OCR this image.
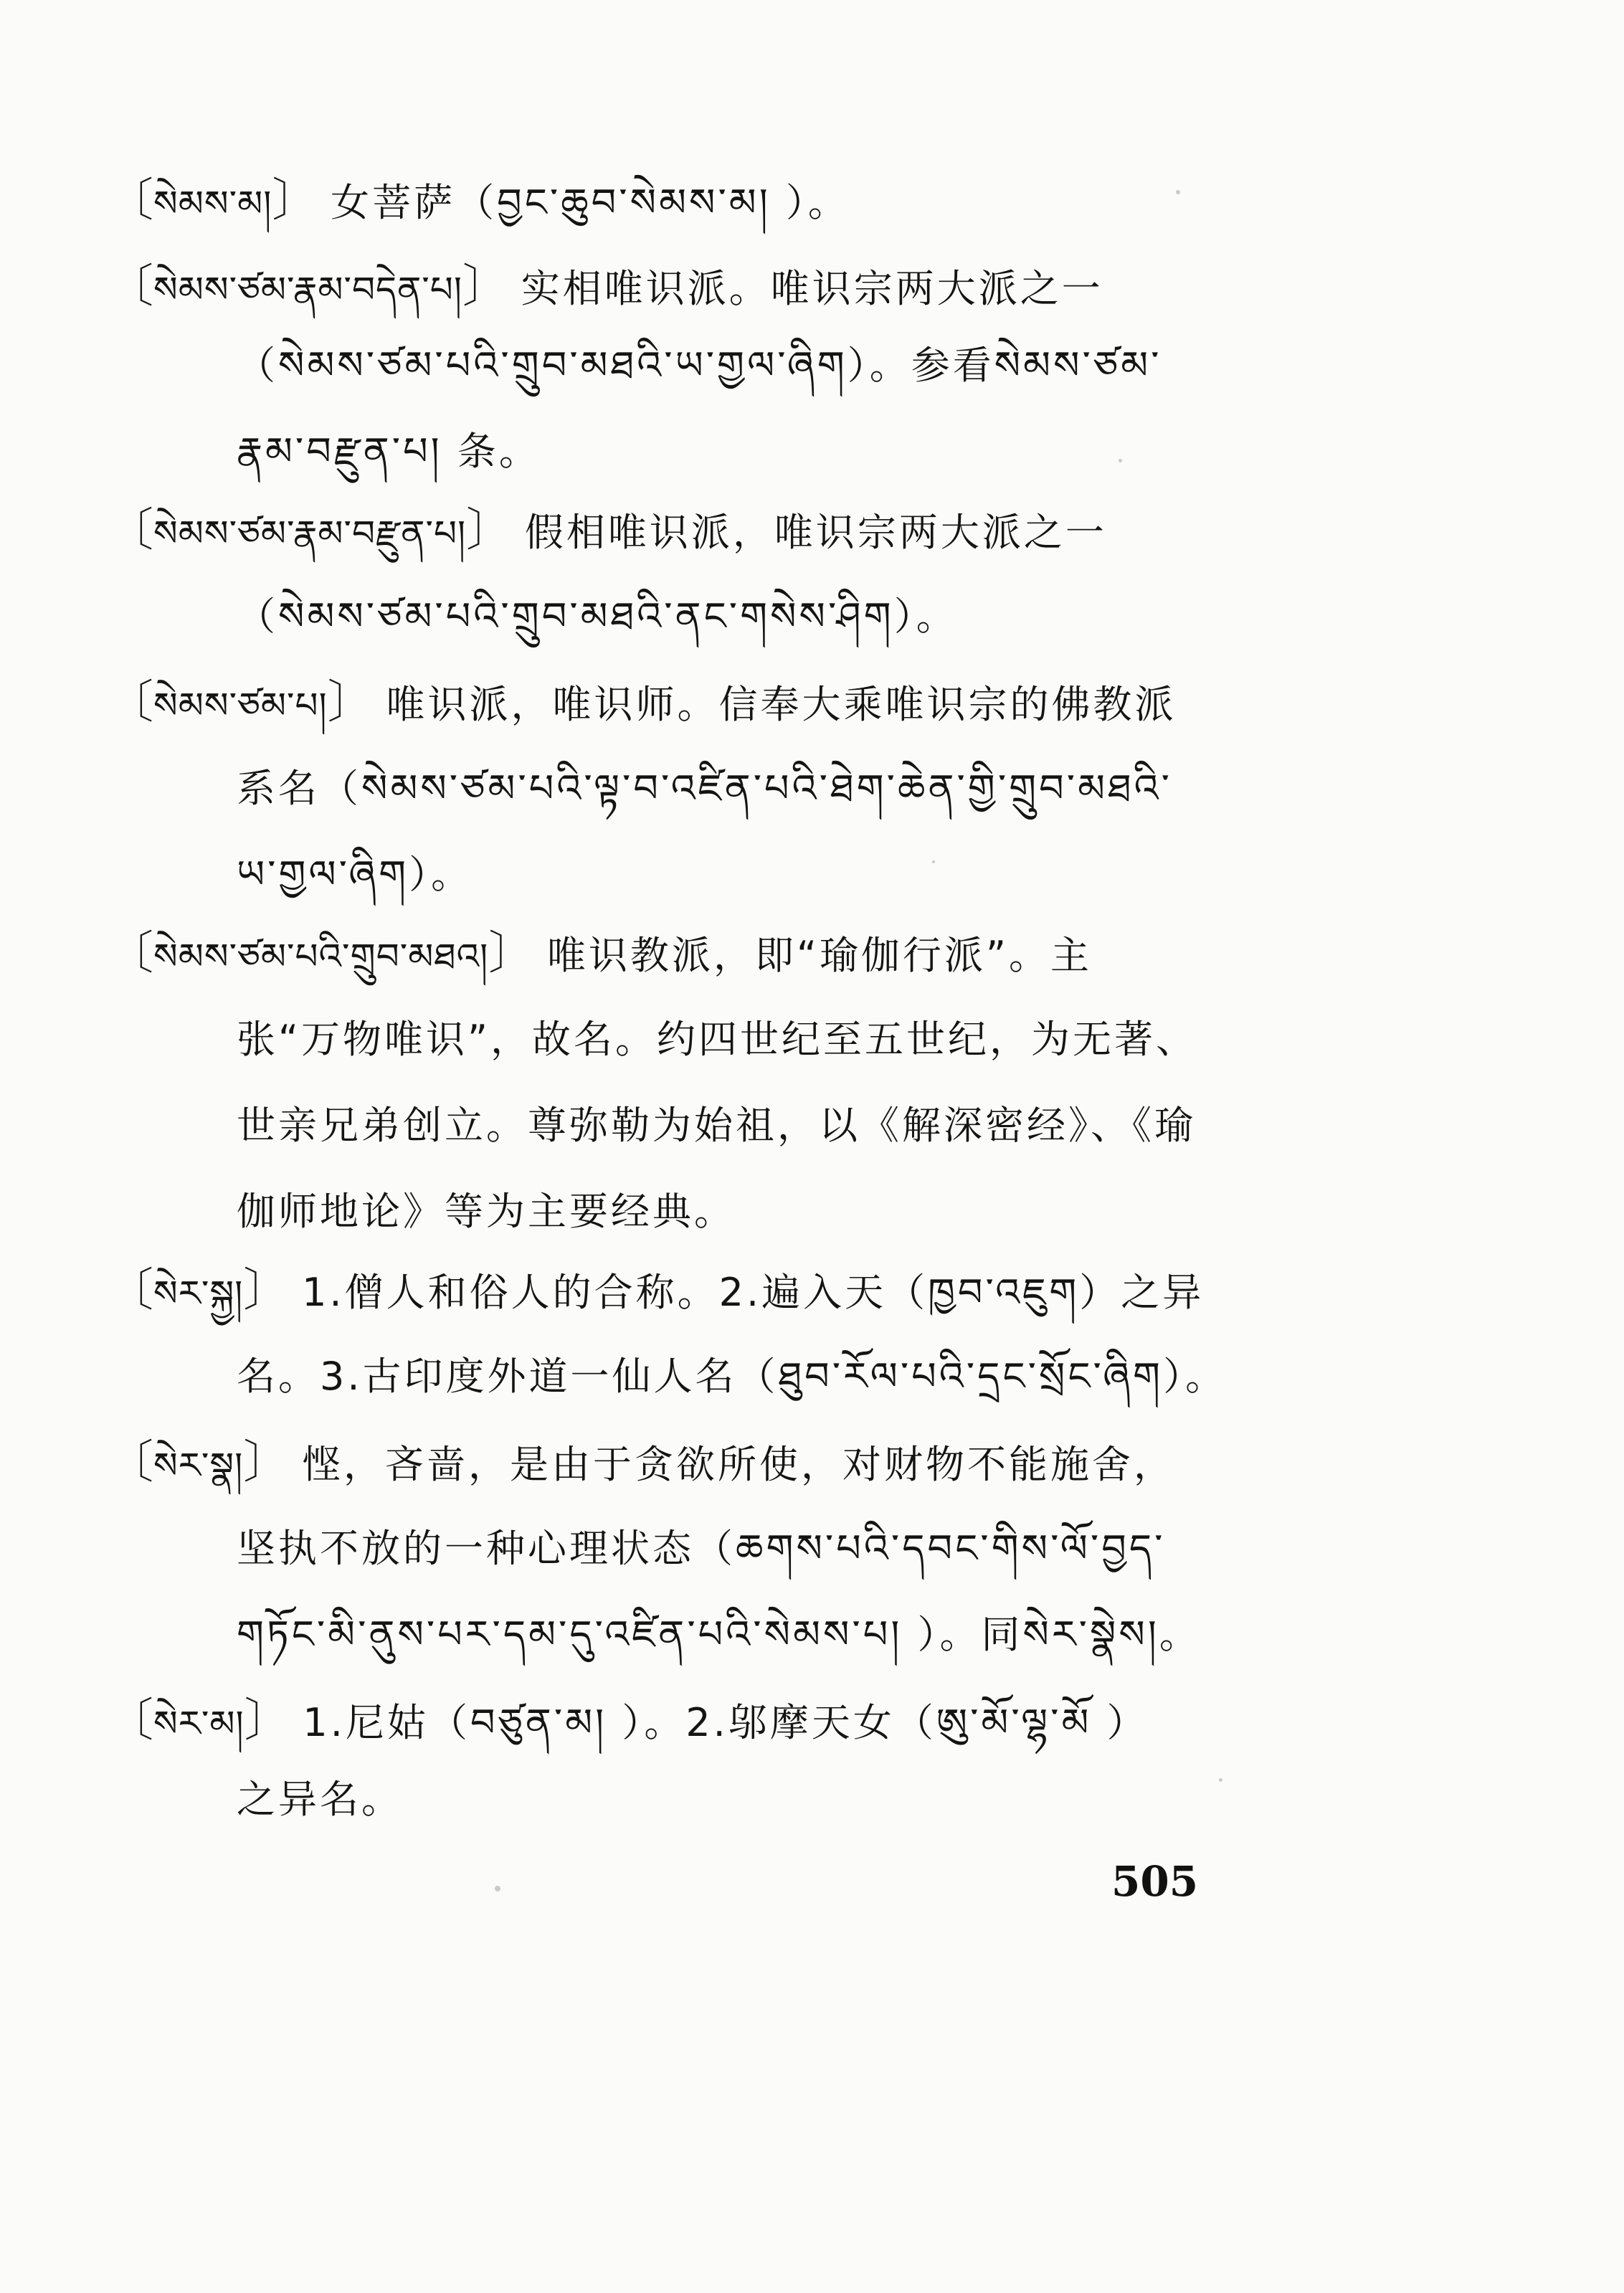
〔སེམས་མ།〕 女菩萨（བྱང་ཆུབ་སེམས་མ། ）。
〔སེམས་ཙམ་རྣམ་བདེན་པ།〕 实相唯识派。唯识宗两大派之一
（སེམས་ཙམ་པའི་གྲུབ་མཐའི་ཡ་གྱལ་ཞིག）。参看སེམས་ཙམ་
རྣམ་བརྫུན་པ། 条。
〔སེམས་ཙམ་རྣམ་བརྫུན་པ།〕 假相唯识派，唯识宗两大派之一
（སེམས་ཙམ་པའི་གྲུབ་མཐའི་ནང་གསེས་ཤིག）。
〔སེམས་ཙམ་པ།〕 唯识派，唯识师。信奉大乘唯识宗的佛教派
系名（སེམས་ཙམ་པའི་ལྟ་བ་འཛིན་པའི་ཐེག་ཆེན་གྱི་གྲུབ་མཐའི་
ཡ་གྱལ་ཞིག）。
〔སེམས་ཙམ་པའི་གྲུབ་མཐའ།〕 唯识教派，即“瑜伽行派”。主
张“万物唯识”，故名。约四世纪至五世纪，为无著、
世亲兄弟创立。尊弥勒为始祖，以《解深密经》、《瑜
伽师地论》等为主要经典。
〔སེར་སྐྱ།〕 1.僧人和俗人的合称。2.遍入天（ཁྱབ་འཇུག）之异
名。3.古印度外道一仙人名（ཐུབ་རོལ་པའི་དྲང་སྲོང་ཞིག）。
〔སེར་སྣ།〕 悭，吝啬，是由于贪欲所使，对财物不能施舍，
坚执不放的一种心理状态（ཆགས་པའི་དབང་གིས་ལོ་བྱད་
གཏོང་མི་ནུས་པར་དམ་དུ་འཛིན་པའི་སེམས་པ། ）。同སེར་སྣེས།。
〔སེར་མ།〕 1.尼姑（བཙུན་མ། ）。2.邬摩天女（ཨུ་མོ་ལྷ་མོ ）
之异名。
505
